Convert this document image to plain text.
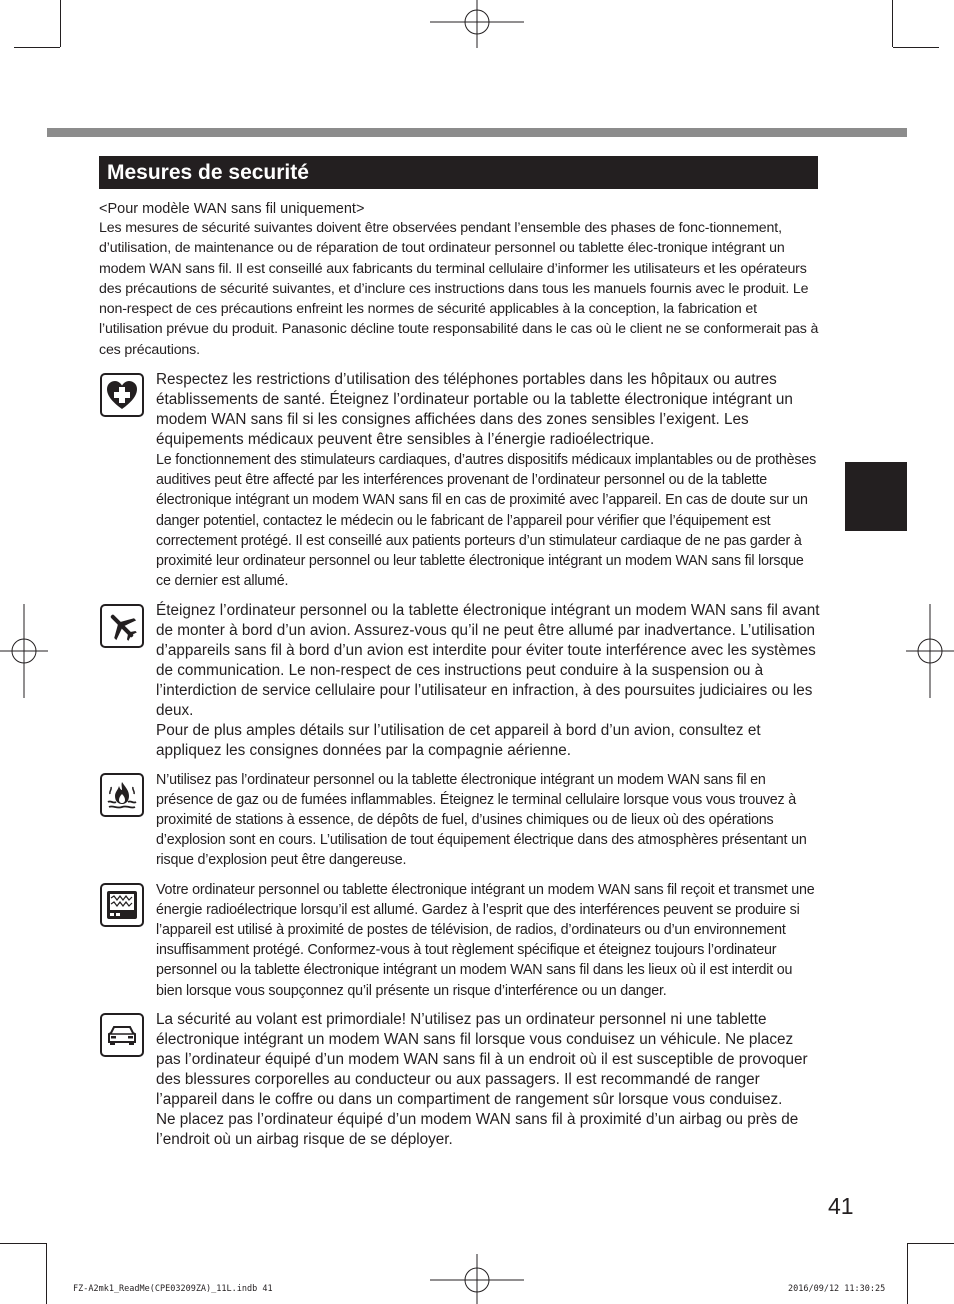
Mesures de securité

<Pour modèle WAN sans fil uniquement>

Les mesures de sécurité suivantes doivent être observées pendant l’ensemble des phases de fonc-tionnement, d’utilisation, de maintenance ou de réparation de tout ordinateur personnel ou tablette élec-tronique intégrant un modem WAN sans fil. Il est conseillé aux fabricants du terminal cellulaire d’informer les utilisateurs et les opérateurs des précautions de sécurité suivantes, et d’inclure ces instructions dans tous les manuels fournis avec le produit. Le non-respect de ces précautions enfreint les normes de sécurité applicables à la conception, la fabrication et l’utilisation prévue du produit. Panasonic décline toute responsabilité dans le cas où le client ne se conformerait pas à ces précautions.

Respectez les restrictions d’utilisation des téléphones portables dans les hôpitaux ou autres établissements de santé. Éteignez l’ordinateur portable ou la tablette électronique intégrant un modem WAN sans fil si les consignes affichées dans des zones sensibles l’exigent. Les équipements médicaux peuvent être sensibles à l’énergie radioélectrique.

Le fonctionnement des stimulateurs cardiaques, d’autres dispositifs médicaux implantables ou de prothèses auditives peut être affecté par les interférences provenant de l’ordinateur personnel ou de la tablette électronique intégrant un modem WAN sans fil en cas de proximité avec l’appareil. En cas de doute sur un danger potentiel, contactez le médecin ou le fabricant de l’appareil pour vérifier que l’équipement est correctement protégé. Il est conseillé aux patients porteurs d’un stimulateur cardiaque de ne pas garder à proximité leur ordinateur personnel ou leur tablette électronique intégrant un modem WAN sans fil lorsque ce dernier est allumé.

Éteignez l’ordinateur personnel ou la tablette électronique intégrant un modem WAN sans fil avant de monter à bord d’un avion. Assurez-vous qu’il ne peut être allumé par inadvertance. L’utilisation d’appareils sans fil à bord d’un avion est interdite pour éviter toute interférence avec les systèmes de communication. Le non-respect de ces instructions peut conduire à la suspension ou à l’interdiction de service cellulaire pour l’utilisateur en infraction, à des poursuites judiciaires ou les deux.

Pour de plus amples détails sur l’utilisation de cet appareil à bord d’un avion, consultez et appliquez les consignes données par la compagnie aérienne.

N’utilisez pas l’ordinateur personnel ou la tablette électronique intégrant un modem WAN sans fil en présence de gaz ou de fumées inflammables. Éteignez le terminal cellulaire lorsque vous vous trouvez à proximité de stations à essence, de dépôts de fuel, d’usines chimiques ou de lieux où des opérations d’explosion sont en cours. L’utilisation de tout équipement électrique dans des atmosphères présentant un risque d’explosion peut être dangereuse.

Votre ordinateur personnel ou tablette électronique intégrant un modem WAN sans fil reçoit et transmet une énergie radioélectrique lorsqu’il est allumé. Gardez à l’esprit que des interférences peuvent se produire si l’appareil est utilisé à proximité de postes de télévision, de radios, d’ordinateurs ou d’un environnement insuffisamment protégé. Conformez-vous à tout règlement spécifique et éteignez toujours l’ordinateur personnel ou la tablette électronique intégrant un modem WAN sans fil dans les lieux où il est interdit ou bien lorsque vous soupçonnez qu’il présente un risque d’interférence ou un danger.

La sécurité au volant est primordiale! N’utilisez pas un ordinateur personnel ni une tablette électronique intégrant un modem WAN sans fil lorsque vous conduisez un véhicule. Ne placez pas l’ordinateur équipé d’un modem WAN sans fil à un endroit où il est susceptible de provoquer des blessures corporelles au conducteur ou aux passagers. Il est recommandé de ranger l’appareil dans le coffre ou dans un compartiment de rangement sûr lorsque vous conduisez.

Ne placez pas l’ordinateur équipé d’un modem WAN sans fil à proximité d’un airbag ou près de l’endroit où un airbag risque de se déployer.

41
FZ-A2mk1_ReadMe(CPE03209ZA)_11L.indb 41	2016/09/12 11:30:25
